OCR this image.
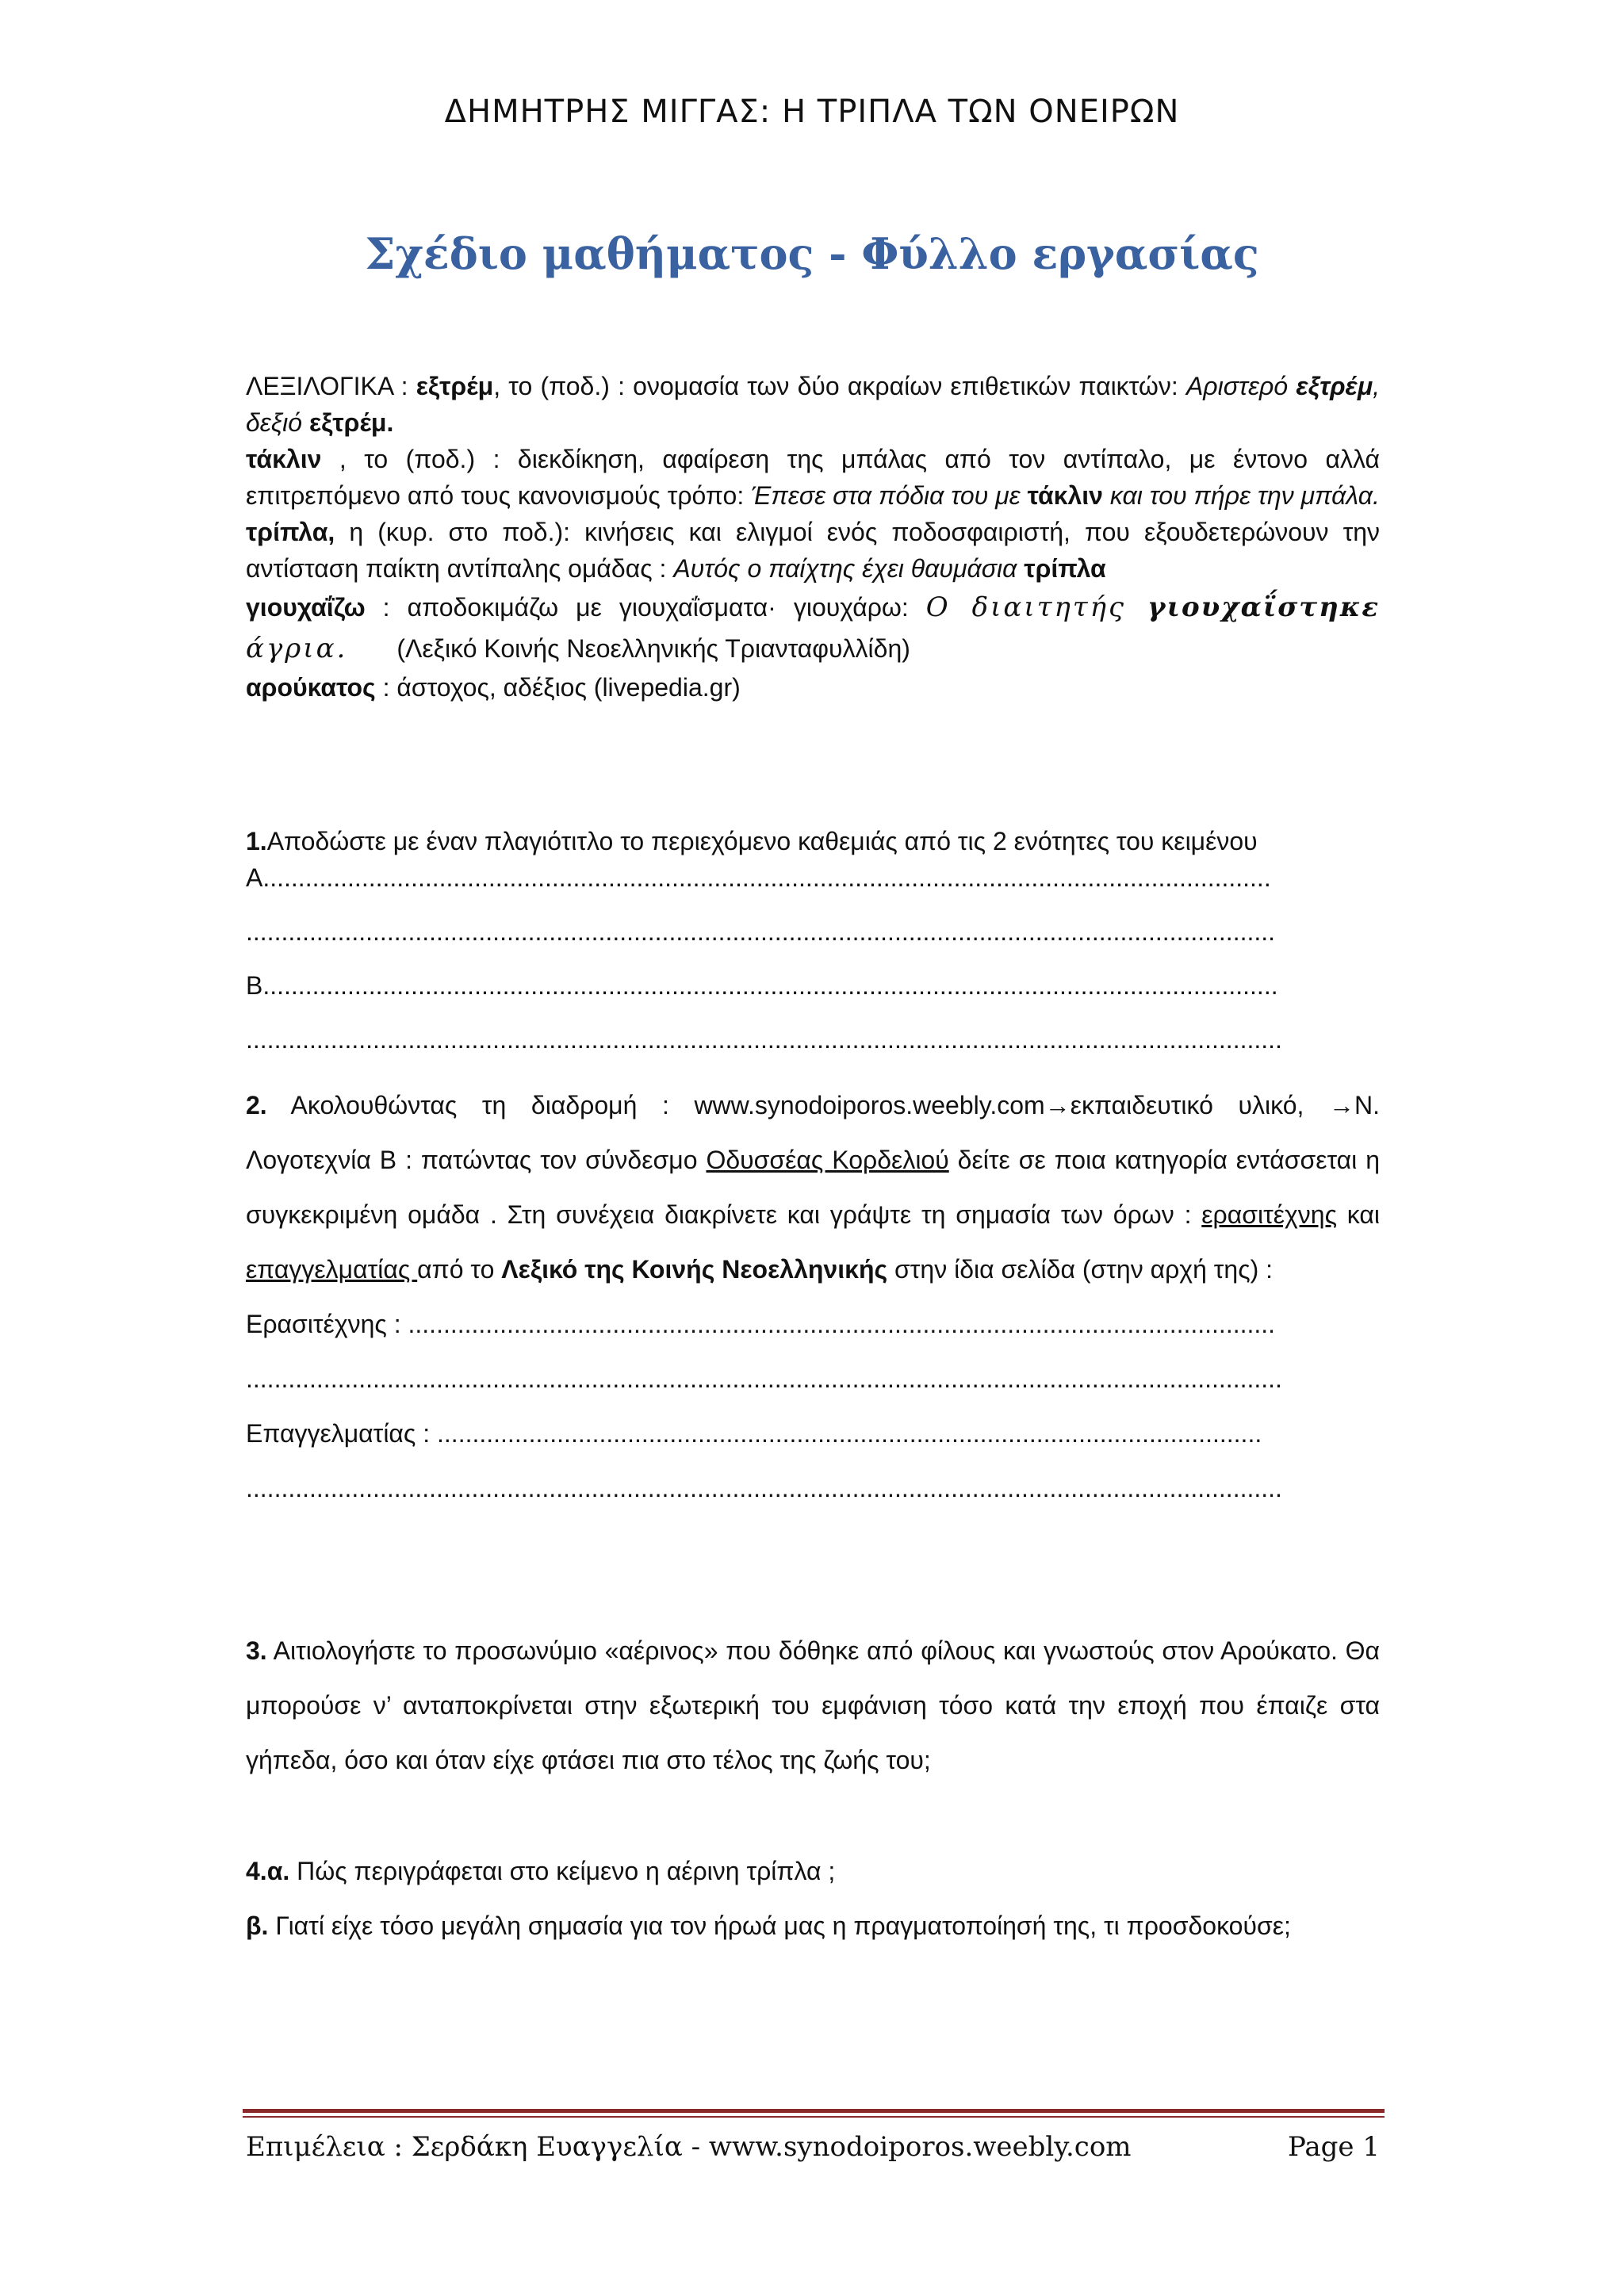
ΔΗΜΗΤΡΗΣ ΜΙΓΓΑΣ: Η ΤΡΙΠΛΑ ΤΩΝ ΟΝΕΙΡΩΝ
Σχέδιο μαθήματος - Φύλλο εργασίας

ΛΕΞΙΛΟΓΙΚΑ : εξτρέμ, το (ποδ.) : ονομασία των δύο ακραίων επιθετικών παικτών: Αριστερό εξτρέμ, δεξιό εξτρέμ.

τάκλιν , το (ποδ.) : διεκδίκηση, αφαίρεση της μπάλας από τον αντίπαλο, με έντονο αλλά επιτρεπόμενο από τους κανονισμούς τρόπο: Έπεσε στα πόδια του με τάκλιν και του πήρε την μπάλα.

τρίπλα, η (κυρ. στο ποδ.): κινήσεις και ελιγμοί ενός ποδοσφαιριστή, που εξουδετερώνουν την αντίσταση παίκτη αντίπαλης ομάδας : Αυτός ο παίχτης έχει θαυμάσια τρίπλα

γιουχαΐζω : αποδοκιμάζω με γιουχαΐσματα· γιουχάρω: Ο διαιτητής γιουχαΐστηκε

άγρια. (Λεξικό Κοινής Νεοελληνικής Τριανταφυλλίδη)

αρούκατος : άστοχος, αδέξιος (livepedia.gr)

1.Αποδώστε με έναν πλαγιότιτλο το περιεχόμενο καθεμιάς από τις 2 ενότητες του κειμένου

Α...............................................................................................................................................
..................................................................................................................................................
Β................................................................................................................................................
...................................................................................................................................................

2. Ακολουθώντας τη διαδρομή : www.synodoiporos.weebly.com→εκπαιδευτικό υλικό, →Ν. Λογοτεχνία Β : πατώντας τον σύνδεσμο Οδυσσέας Κορδελιού δείτε σε ποια κατηγορία εντάσσεται η συγκεκριμένη ομάδα . Στη συνέχεια διακρίνετε και γράψτε τη σημασία των όρων : ερασιτέχνης και επαγγελματίας από το Λεξικό της Κοινής Νεοελληνικής στην ίδια σελίδα (στην αρχή της) :

Ερασιτέχνης : ...........................................................................................................................
...................................................................................................................................................
Επαγγελματίας : .....................................................................................................................
...................................................................................................................................................

3. Αιτιολογήστε το προσωνύμιο «αέρινος» που δόθηκε από φίλους και γνωστούς στον Αρούκατο. Θα μπορούσε ν’ ανταποκρίνεται στην εξωτερική του εμφάνιση τόσο κατά την εποχή που έπαιζε στα γήπεδα, όσο και όταν είχε φτάσει πια στο τέλος της ζωής του;

4.α. Πώς περιγράφεται στο κείμενο η αέρινη τρίπλα ;

β. Γιατί είχε τόσο μεγάλη σημασία για τον ήρωά μας η πραγματοποίησή της, τι προσδοκούσε;

Επιμέλεια : Σερδάκη Ευαγγελία - www.synodoiporos.weebly.com	Page 1
